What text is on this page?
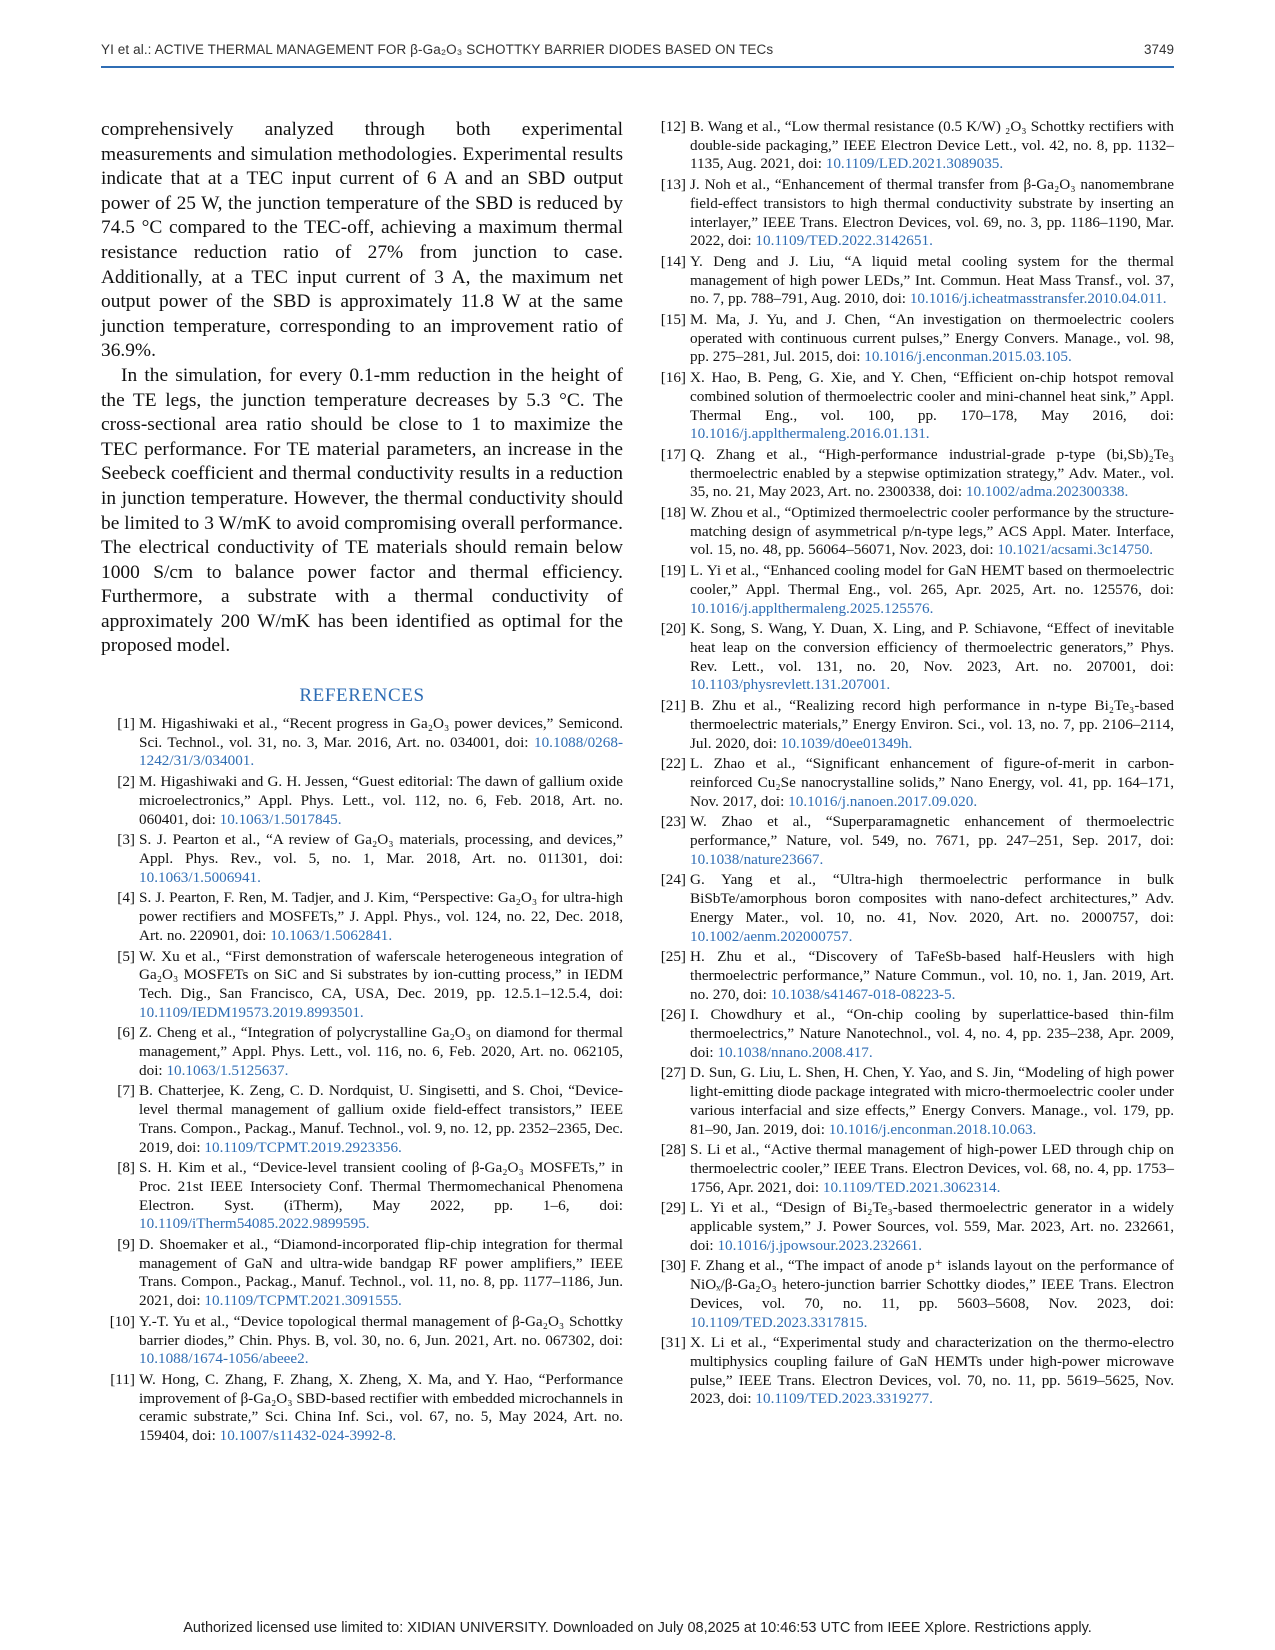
YI et al.: ACTIVE THERMAL MANAGEMENT FOR β-Ga₂O₃ SCHOTTKY BARRIER DIODES BASED ON TECs	3749

comprehensively analyzed through both experimental measurements and simulation methodologies. Experimental results indicate that at a TEC input current of 6 A and an SBD output power of 25 W, the junction temperature of the SBD is reduced by 74.5 °C compared to the TEC-off, achieving a maximum thermal resistance reduction ratio of 27% from junction to case. Additionally, at a TEC input current of 3 A, the maximum net output power of the SBD is approximately 11.8 W at the same junction temperature, corresponding to an improvement ratio of 36.9%.

In the simulation, for every 0.1-mm reduction in the height of the TE legs, the junction temperature decreases by 5.3 °C. The cross-sectional area ratio should be close to 1 to maximize the TEC performance. For TE material parameters, an increase in the Seebeck coefficient and thermal conductivity results in a reduction in junction temperature. However, the thermal conductivity should be limited to 3 W/mK to avoid compromising overall performance. The electrical conductivity of TE materials should remain below 1000 S/cm to balance power factor and thermal efficiency. Furthermore, a substrate with a thermal conductivity of approximately 200 W/mK has been identified as optimal for the proposed model.

REFERENCES
[1] M. Higashiwaki et al., “Recent progress in Ga₂O₃ power devices,” Semicond. Sci. Technol., vol. 31, no. 3, Mar. 2016, Art. no. 034001, doi: 10.1088/0268-1242/31/3/034001.
[2] M. Higashiwaki and G. H. Jessen, “Guest editorial: The dawn of gallium oxide microelectronics,” Appl. Phys. Lett., vol. 112, no. 6, Feb. 2018, Art. no. 060401, doi: 10.1063/1.5017845.
[3] S. J. Pearton et al., “A review of Ga₂O₃ materials, processing, and devices,” Appl. Phys. Rev., vol. 5, no. 1, Mar. 2018, Art. no. 011301, doi: 10.1063/1.5006941.
[4] S. J. Pearton, F. Ren, M. Tadjer, and J. Kim, “Perspective: Ga₂O₃ for ultra-high power rectifiers and MOSFETs,” J. Appl. Phys., vol. 124, no. 22, Dec. 2018, Art. no. 220901, doi: 10.1063/1.5062841.
[5] W. Xu et al., “First demonstration of waferscale heterogeneous integration of Ga₂O₃ MOSFETs on SiC and Si substrates by ion-cutting process,” in IEDM Tech. Dig., San Francisco, CA, USA, Dec. 2019, pp. 12.5.1–12.5.4, doi: 10.1109/IEDM19573.2019.8993501.
[6] Z. Cheng et al., “Integration of polycrystalline Ga₂O₃ on diamond for thermal management,” Appl. Phys. Lett., vol. 116, no. 6, Feb. 2020, Art. no. 062105, doi: 10.1063/1.5125637.
[7] B. Chatterjee, K. Zeng, C. D. Nordquist, U. Singisetti, and S. Choi, “Device-level thermal management of gallium oxide field-effect transistors,” IEEE Trans. Compon., Packag., Manuf. Technol., vol. 9, no. 12, pp. 2352–2365, Dec. 2019, doi: 10.1109/TCPMT.2019.2923356.
[8] S. H. Kim et al., “Device-level transient cooling of β-Ga₂O₃ MOSFETs,” in Proc. 21st IEEE Intersociety Conf. Thermal Thermomechanical Phenomena Electron. Syst. (iTherm), May 2022, pp. 1–6, doi: 10.1109/iTherm54085.2022.9899595.
[9] D. Shoemaker et al., “Diamond-incorporated flip-chip integration for thermal management of GaN and ultra-wide bandgap RF power amplifiers,” IEEE Trans. Compon., Packag., Manuf. Technol., vol. 11, no. 8, pp. 1177–1186, Jun. 2021, doi: 10.1109/TCPMT.2021.3091555.
[10] Y.-T. Yu et al., “Device topological thermal management of β-Ga₂O₃ Schottky barrier diodes,” Chin. Phys. B, vol. 30, no. 6, Jun. 2021, Art. no. 067302, doi: 10.1088/1674-1056/abeee2.
[11] W. Hong, C. Zhang, F. Zhang, X. Zheng, X. Ma, and Y. Hao, “Performance improvement of β-Ga₂O₃ SBD-based rectifier with embedded microchannels in ceramic substrate,” Sci. China Inf. Sci., vol. 67, no. 5, May 2024, Art. no. 159404, doi: 10.1007/s11432-024-3992-8.
[12] B. Wang et al., “Low thermal resistance (0.5 K/W) ₂O₃ Schottky rectifiers with double-side packaging,” IEEE Electron Device Lett., vol. 42, no. 8, pp. 1132–1135, Aug. 2021, doi: 10.1109/LED.2021.3089035.
[13] J. Noh et al., “Enhancement of thermal transfer from β-Ga₂O₃ nanomembrane field-effect transistors to high thermal conductivity substrate by inserting an interlayer,” IEEE Trans. Electron Devices, vol. 69, no. 3, pp. 1186–1190, Mar. 2022, doi: 10.1109/TED.2022.3142651.
[14] Y. Deng and J. Liu, “A liquid metal cooling system for the thermal management of high power LEDs,” Int. Commun. Heat Mass Transf., vol. 37, no. 7, pp. 788–791, Aug. 2010, doi: 10.1016/j.icheatmasstransfer.2010.04.011.
[15] M. Ma, J. Yu, and J. Chen, “An investigation on thermoelectric coolers operated with continuous current pulses,” Energy Convers. Manage., vol. 98, pp. 275–281, Jul. 2015, doi: 10.1016/j.enconman.2015.03.105.
[16] X. Hao, B. Peng, G. Xie, and Y. Chen, “Efficient on-chip hotspot removal combined solution of thermoelectric cooler and mini-channel heat sink,” Appl. Thermal Eng., vol. 100, pp. 170–178, May 2016, doi: 10.1016/j.applthermaleng.2016.01.131.
[17] Q. Zhang et al., “High-performance industrial-grade p-type (bi,Sb)₂Te₃ thermoelectric enabled by a stepwise optimization strategy,” Adv. Mater., vol. 35, no. 21, May 2023, Art. no. 2300338, doi: 10.1002/adma.202300338.
[18] W. Zhou et al., “Optimized thermoelectric cooler performance by the structure-matching design of asymmetrical p/n-type legs,” ACS Appl. Mater. Interface, vol. 15, no. 48, pp. 56064–56071, Nov. 2023, doi: 10.1021/acsami.3c14750.
[19] L. Yi et al., “Enhanced cooling model for GaN HEMT based on thermoelectric cooler,” Appl. Thermal Eng., vol. 265, Apr. 2025, Art. no. 125576, doi: 10.1016/j.applthermaleng.2025.125576.
[20] K. Song, S. Wang, Y. Duan, X. Ling, and P. Schiavone, “Effect of inevitable heat leap on the conversion efficiency of thermoelectric generators,” Phys. Rev. Lett., vol. 131, no. 20, Nov. 2023, Art. no. 207001, doi: 10.1103/physrevlett.131.207001.
[21] B. Zhu et al., “Realizing record high performance in n-type Bi₂Te₃-based thermoelectric materials,” Energy Environ. Sci., vol. 13, no. 7, pp. 2106–2114, Jul. 2020, doi: 10.1039/d0ee01349h.
[22] L. Zhao et al., “Significant enhancement of figure-of-merit in carbon-reinforced Cu₂Se nanocrystalline solids,” Nano Energy, vol. 41, pp. 164–171, Nov. 2017, doi: 10.1016/j.nanoen.2017.09.020.
[23] W. Zhao et al., “Superparamagnetic enhancement of thermoelectric performance,” Nature, vol. 549, no. 7671, pp. 247–251, Sep. 2017, doi: 10.1038/nature23667.
[24] G. Yang et al., “Ultra-high thermoelectric performance in bulk BiSbTe/amorphous boron composites with nano-defect architectures,” Adv. Energy Mater., vol. 10, no. 41, Nov. 2020, Art. no. 2000757, doi: 10.1002/aenm.202000757.
[25] H. Zhu et al., “Discovery of TaFeSb-based half-Heuslers with high thermoelectric performance,” Nature Commun., vol. 10, no. 1, Jan. 2019, Art. no. 270, doi: 10.1038/s41467-018-08223-5.
[26] I. Chowdhury et al., “On-chip cooling by superlattice-based thin-film thermoelectrics,” Nature Nanotechnol., vol. 4, no. 4, pp. 235–238, Apr. 2009, doi: 10.1038/nnano.2008.417.
[27] D. Sun, G. Liu, L. Shen, H. Chen, Y. Yao, and S. Jin, “Modeling of high power light-emitting diode package integrated with micro-thermoelectric cooler under various interfacial and size effects,” Energy Convers. Manage., vol. 179, pp. 81–90, Jan. 2019, doi: 10.1016/j.enconman.2018.10.063.
[28] S. Li et al., “Active thermal management of high-power LED through chip on thermoelectric cooler,” IEEE Trans. Electron Devices, vol. 68, no. 4, pp. 1753–1756, Apr. 2021, doi: 10.1109/TED.2021.3062314.
[29] L. Yi et al., “Design of Bi₂Te₃-based thermoelectric generator in a widely applicable system,” J. Power Sources, vol. 559, Mar. 2023, Art. no. 232661, doi: 10.1016/j.jpowsour.2023.232661.
[30] F. Zhang et al., “The impact of anode p⁺ islands layout on the performance of NiOₓ/β-Ga₂O₃ hetero-junction barrier Schottky diodes,” IEEE Trans. Electron Devices, vol. 70, no. 11, pp. 5603–5608, Nov. 2023, doi: 10.1109/TED.2023.3317815.
[31] X. Li et al., “Experimental study and characterization on the thermo-electro multiphysics coupling failure of GaN HEMTs under high-power microwave pulse,” IEEE Trans. Electron Devices, vol. 70, no. 11, pp. 5619–5625, Nov. 2023, doi: 10.1109/TED.2023.3319277.
Authorized licensed use limited to: XIDIAN UNIVERSITY. Downloaded on July 08,2025 at 10:46:53 UTC from IEEE Xplore. Restrictions apply.
